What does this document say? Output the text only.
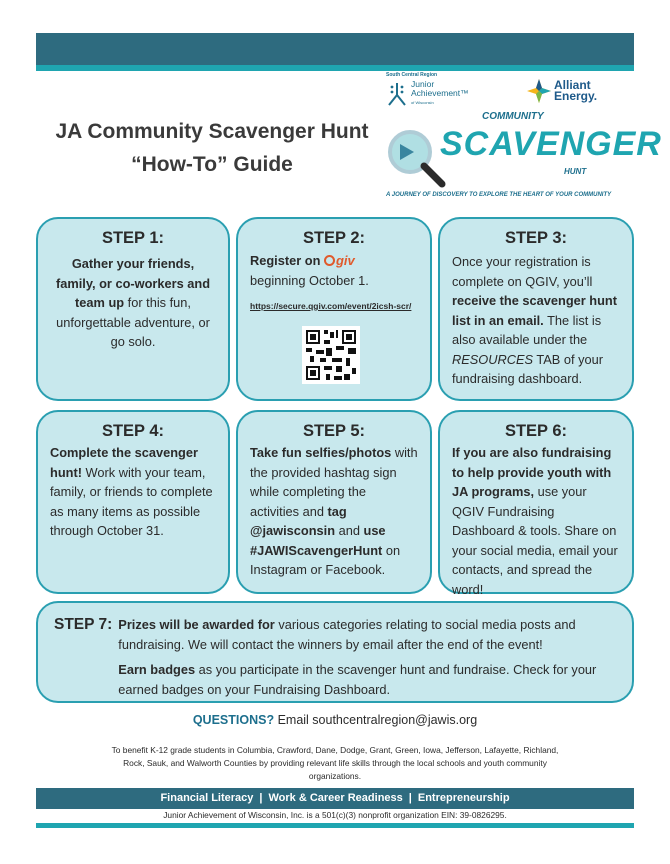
JA Community Scavenger Hunt
“How-To” Guide
South Central Region
Junior
Achievement™
of Wisconsin
Alliant
Energy.
COMMUNITY
SCAVENGER
HUNT
A JOURNEY OF DISCOVERY TO EXPLORE THE HEART OF YOUR COMMUNITY
STEP 1:

Gather your friends, family, or co-workers and team up for this fun, unforgettable adventure, or go solo.

STEP 2:

Register on giv

beginning October 1.

https://secure.qgiv.com/event/2icsh-scr/
STEP 3:

Once your registration is complete on QGIV, you’ll receive the scavenger hunt list in an email. The list is also available under the RESOURCES TAB of your fundraising dashboard.

STEP 4:

Complete the scavenger hunt! Work with your team, family, or friends to complete as many items as possible through October 31.

STEP 5:

Take fun selfies/photos with the provided hashtag sign while completing the activities and tag @jawisconsin and use #JAWIScavengerHunt on Instagram or Facebook.

STEP 6:

If you are also fundraising to help provide youth with JA programs, use your QGIV Fundraising Dashboard & tools. Share on your social media, email your contacts, and spread the word!

STEP 7: Prizes will be awarded for various categories relating to social media posts and fundraising. We will contact the winners by email after the end of the event!

Earn badges as you participate in the scavenger hunt and fundraise. Check for your earned badges on your Fundraising Dashboard.

QUESTIONS? Email southcentralregion@jawis.org
To benefit K-12 grade students in Columbia, Crawford, Dane, Dodge, Grant, Green, Iowa, Jefferson, Lafayette, Richland, Rock, Sauk, and Walworth Counties by providing relevant life skills through the local schools and youth community organizations.
Financial Literacy | Work & Career Readiness | Entrepreneurship
Junior Achievement of Wisconsin, Inc. is a 501(c)(3) nonprofit organization EIN: 39-0826295.
